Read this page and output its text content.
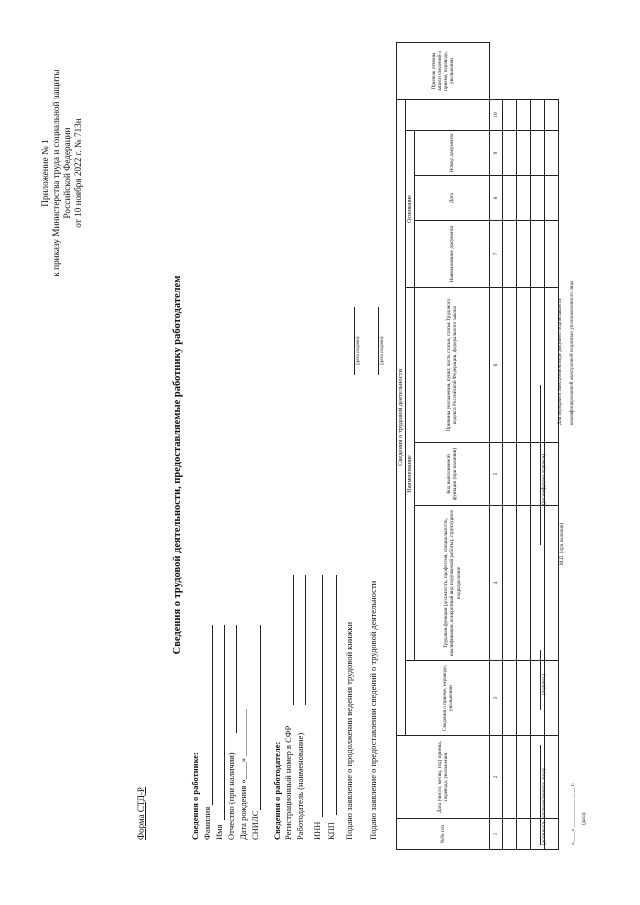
Приложение № 1 к приказу Министерства труда и социальной защиты Российской Федерации от 10 ноября 2022 г. № 713н
Форма СТД-Р
Сведения о трудовой деятельности, предоставляемые работнику работодателем
Сведения о работнике: Фамилия Имя Отчество (при наличии) Дата рождения «____» ___________ СНИЛС Сведения о работодателе: Регистрационный номер в СФР Работодатель (наименование) ИНН КПП Подано заявление о продолжении ведения трудовой книжки
(дата подачи)
Подано заявление о предоставлении сведений о трудовой деятельности
(дата подачи)
№№ п/п	Дата (число, месяц, год) приема, перевода, увольнения	Сведения о трудовой деятельности								Признак отмены записи сведений о приеме, переводе, увольнении
		Сведения о приеме, переводе, увольнении	Наименование			Основание				
			Трудовая функция (должность, профессия, специальность, квалификация, конкретный вид поручаемой работы), структурное подразделение	Код выполняемой функции (при наличии)	Причины увольнения, пункт, часть статьи, статья Трудового кодекса Российской Федерации, федерального закона	Наименование документа	Дата	Номер документа		
1	2	3	4	5	6	7	8	9	10	

(должность уполномоченного лица)
(подпись)
(расшифровка подписи)
«____» __________ ____ г. (дата)
М.П. (при наличии)
Для передачи в электронном виде документ подписывается квалифицированной электронной подписью уполномоченного лица
